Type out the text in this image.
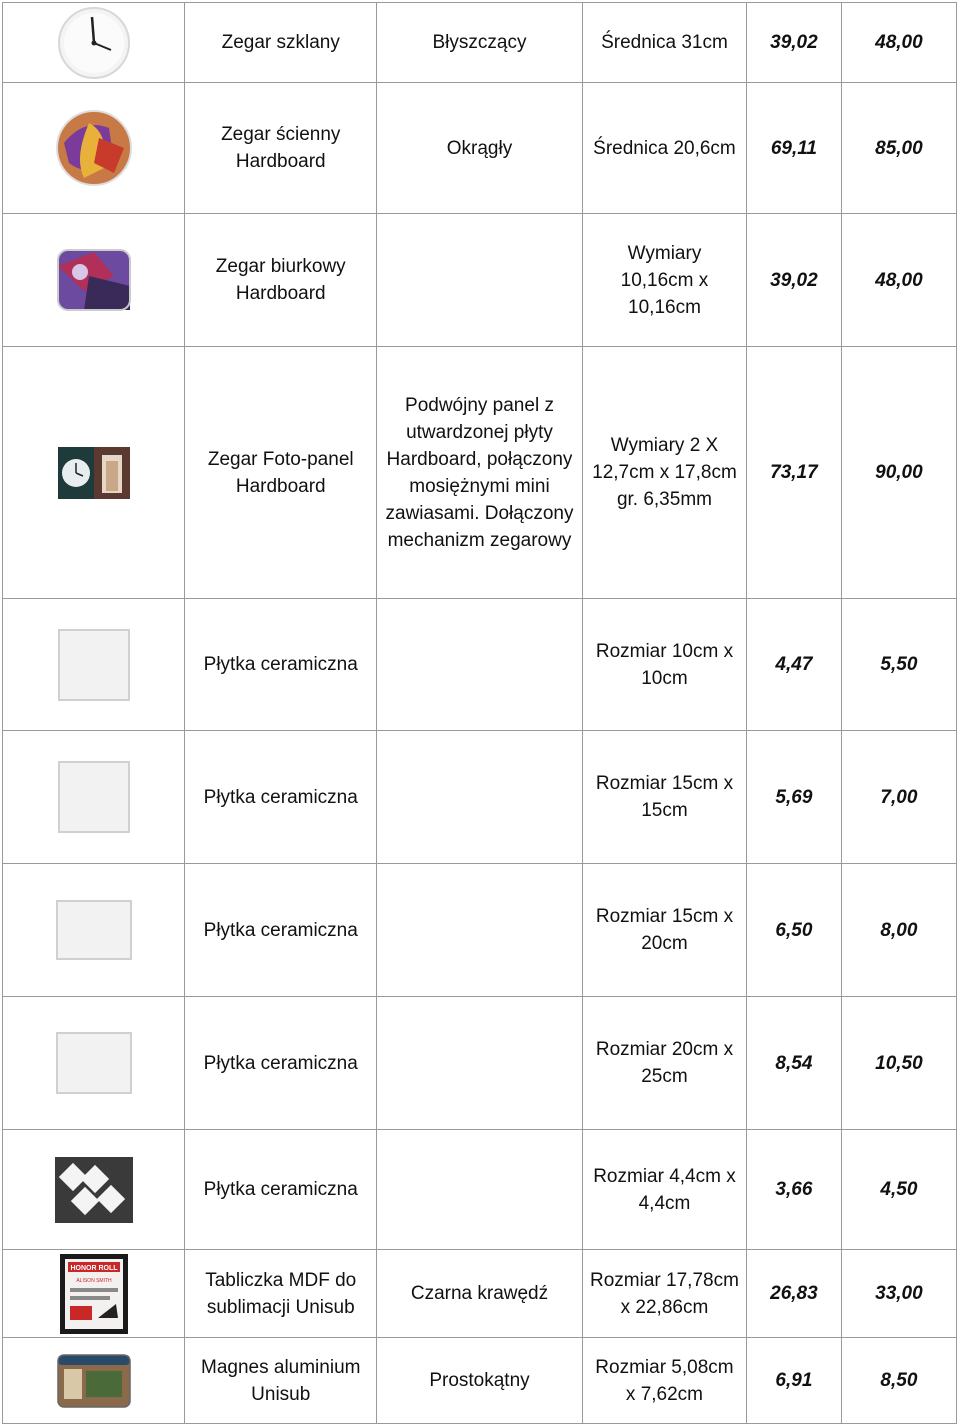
	Zegar szklany	Błyszczący	Średnica 31cm	39,02	48,00

	Zegar ścienny Hardboard	Okrągły	Średnica 20,6cm	69,11	85,00

	Zegar biurkowy Hardboard		Wymiary 10,16cm x 10,16cm	39,02	48,00

	Zegar Foto-panel Hardboard	Podwójny panel z utwardzonej płyty Hardboard, połączony mosiężnymi mini zawiasami. Dołączony mechanizm zegarowy	Wymiary 2 X 12,7cm x 17,8cm gr. 6,35mm	73,17	90,00

	Płytka ceramiczna		Rozmiar 10cm x 10cm	4,47	5,50

	Płytka ceramiczna		Rozmiar 15cm x 15cm	5,69	7,00

	Płytka ceramiczna		Rozmiar 15cm x 20cm	6,50	8,00

	Płytka ceramiczna		Rozmiar 20cm x 25cm	8,54	10,50

	Płytka ceramiczna		Rozmiar 4,4cm x 4,4cm	3,66	4,50

HONOR ROLL
ALISON SMITH	Tabliczka MDF do sublimacji Unisub	Czarna krawędź	Rozmiar 17,78cm x 22,86cm	26,83	33,00

	Magnes aluminium Unisub	Prostokątny	Rozmiar 5,08cm x 7,62cm	6,91	8,50
